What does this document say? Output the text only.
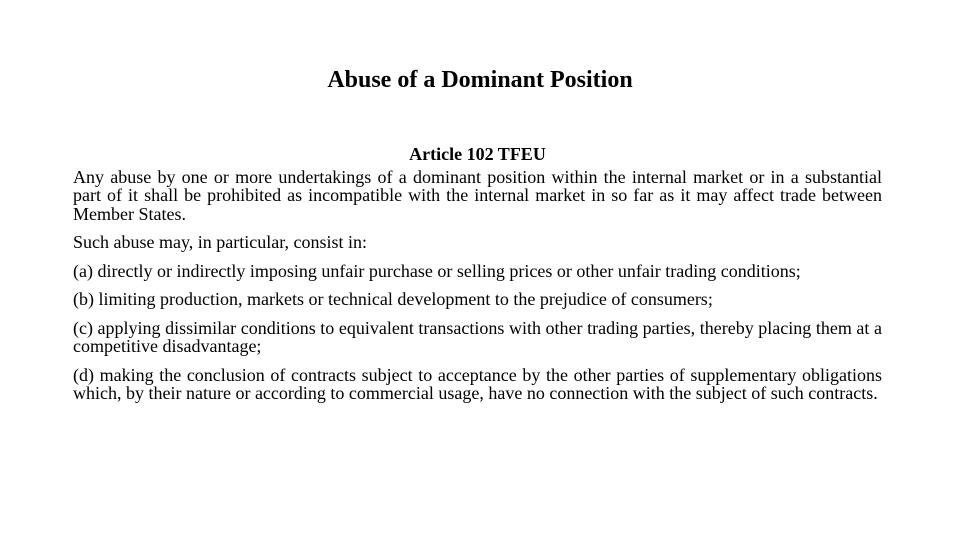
Abuse of a Dominant Position

Article 102 TFEU

Any abuse by one or more undertakings of a dominant position within the internal market or in a substantial part of it shall be prohibited as incompatible with the internal market in so far as it may affect trade between Member States.

Such abuse may, in particular, consist in:

(a) directly or indirectly imposing unfair purchase or selling prices or other unfair trading conditions;

(b) limiting production, markets or technical development to the prejudice of consumers;

(c) applying dissimilar conditions to equivalent transactions with other trading parties, thereby placing them at a competitive disadvantage;

(d) making the conclusion of contracts subject to acceptance by the other parties of supplementary obligations which, by their nature or according to commercial usage, have no connection with the subject of such contracts.
